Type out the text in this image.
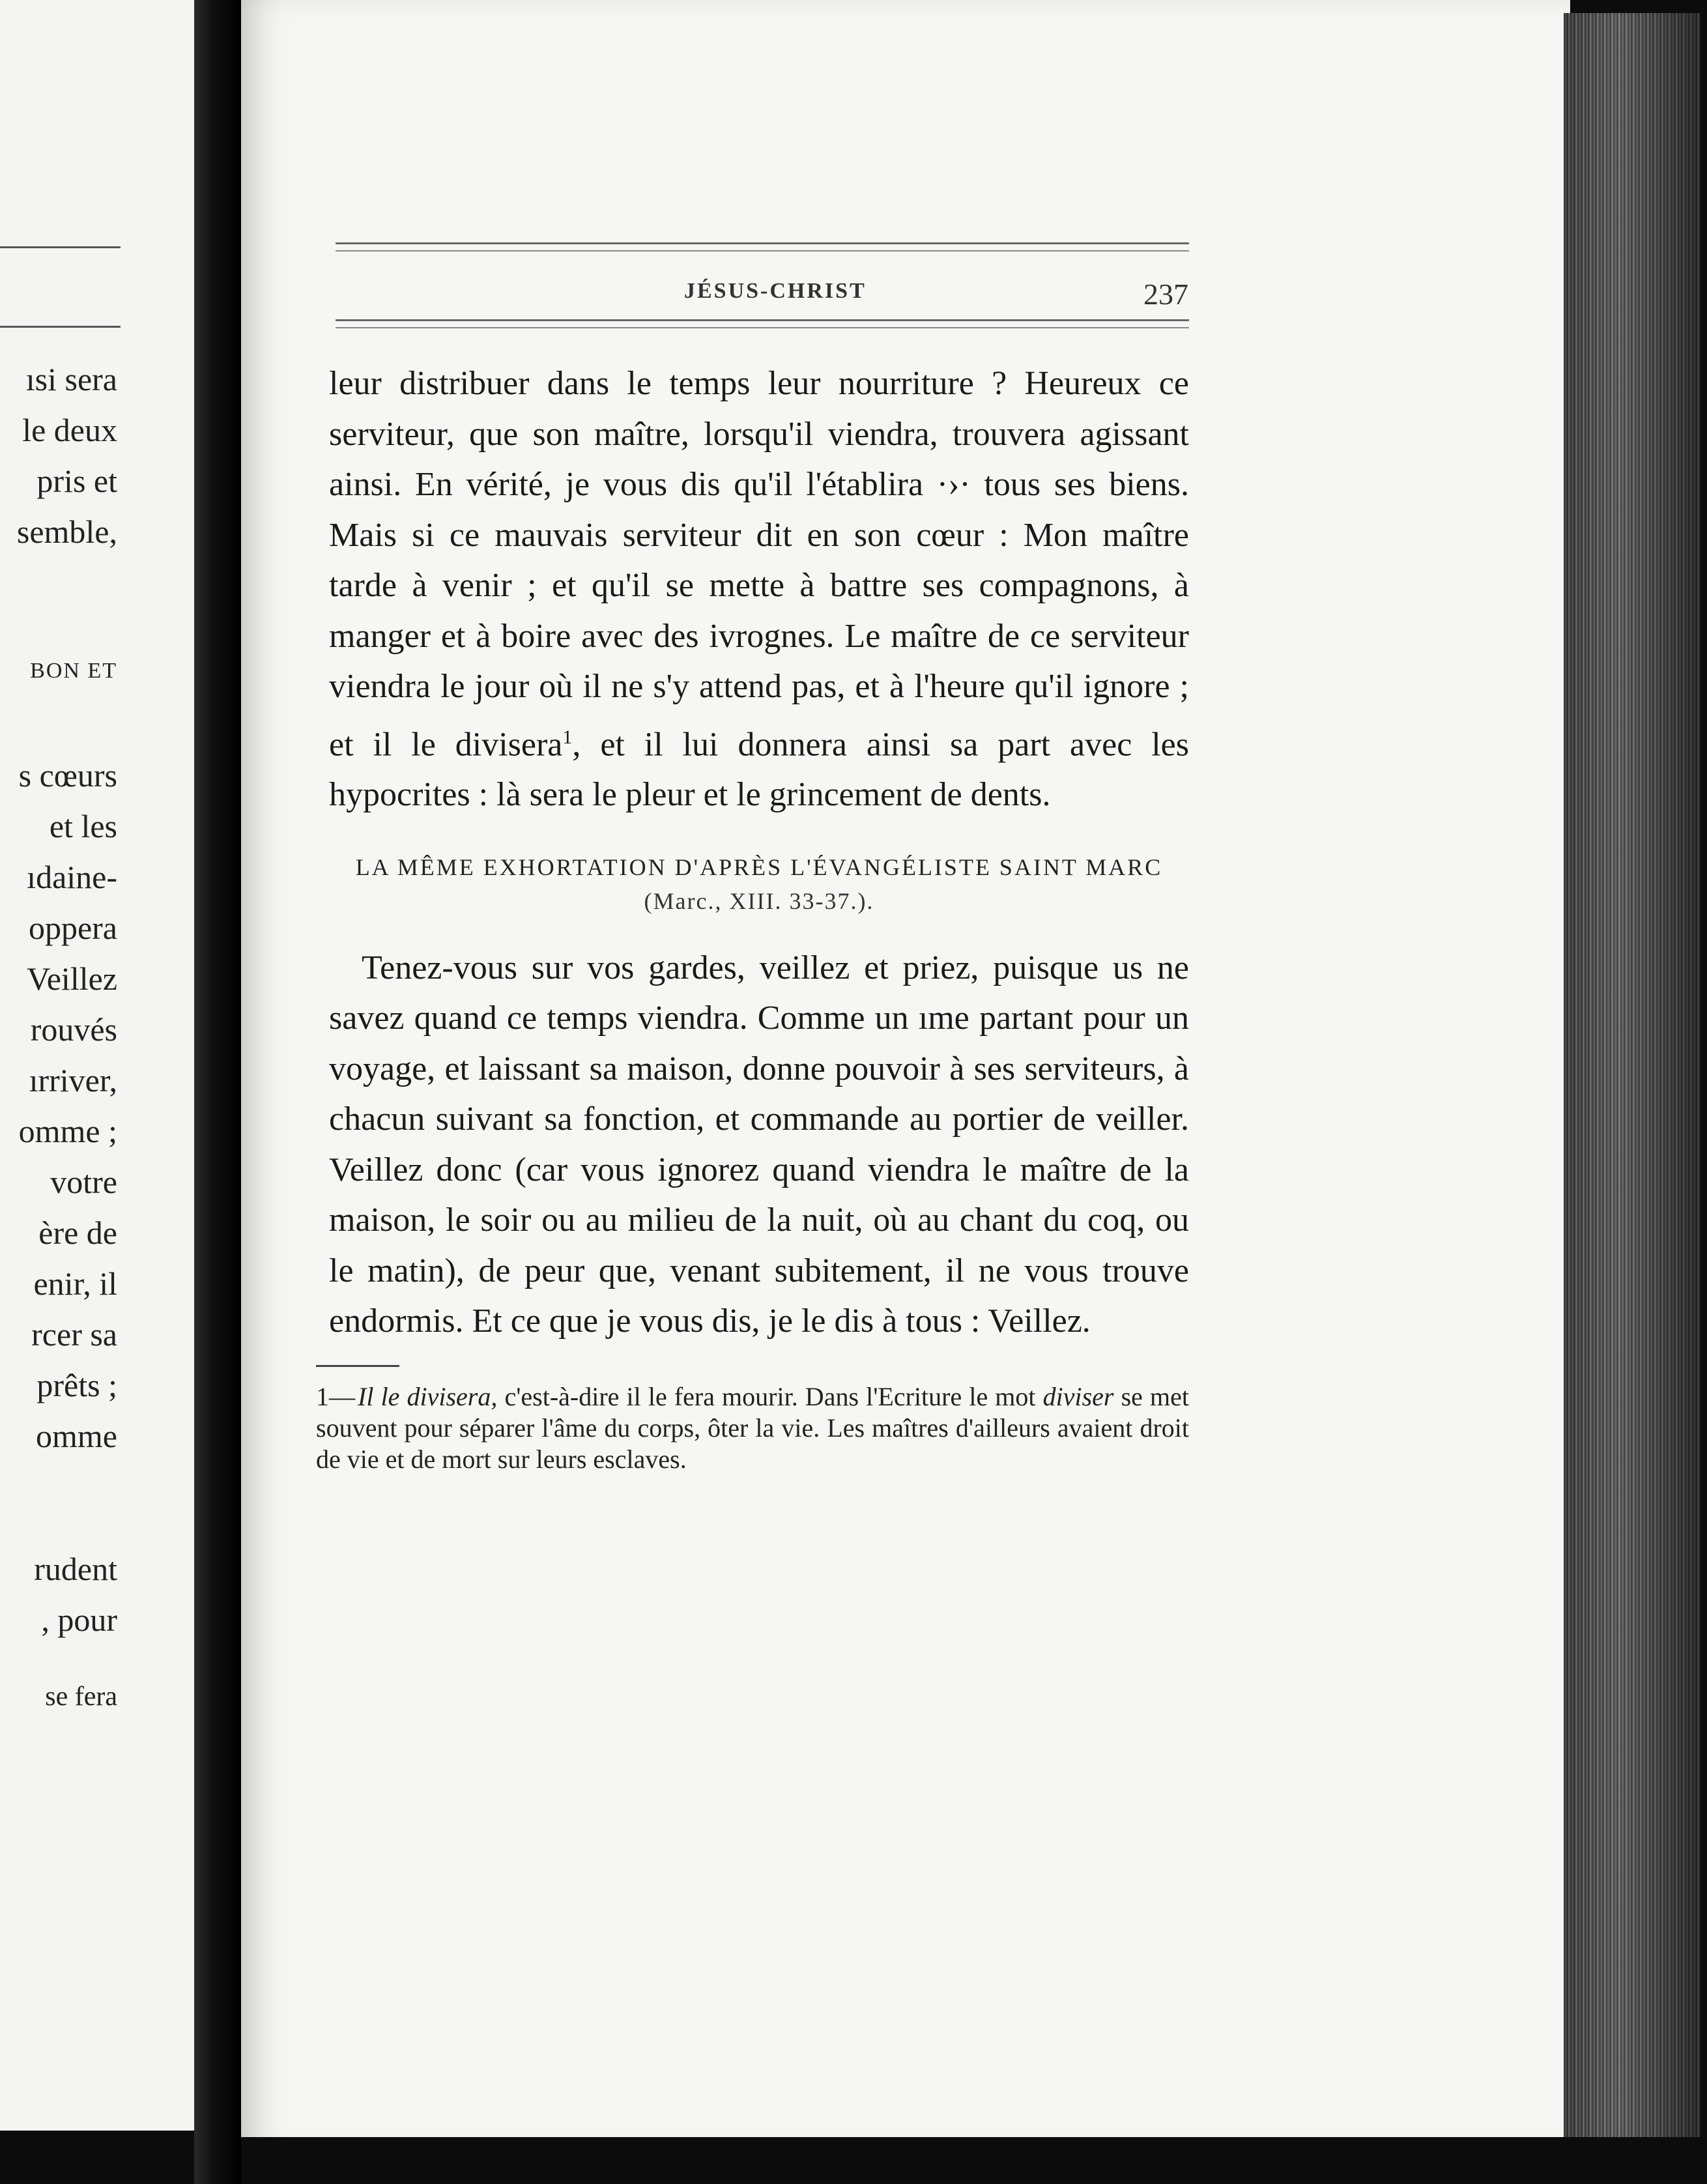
ısi sera
le deux
pris et
semble,
BON ET
s cœurs
et les
ıdaine-
oppera
Veillez
rouvés
ırriver,
omme ;
votre
ère de
enir, il
rcer sa
prêts ;
omme
rudent
, pour
se fera
JÉSUS-CHRIST	237

leur distribuer dans le temps leur nourriture ? Heureux ce serviteur, que son maître, lorsqu'il viendra, trouvera agissant ainsi. En vérité, je vous dis qu'il l'établira ·›· tous ses biens. Mais si ce mauvais serviteur dit en son cœur : Mon maître tarde à venir ; et qu'il se mette à battre ses compagnons, à manger et à boire avec des ivrognes. Le maître de ce serviteur viendra le jour où il ne s'y attend pas, et à l'heure qu'il ignore ; et il le divisera$^1$, et il lui donnera ainsi sa part avec les hypocrites : là sera le pleur et le grincement de dents.

LA MÊME EXHORTATION D'APRÈS L'ÉVANGÉLISTE SAINT MARC
(Marc., XIII. 33-37.).

Tenez-vous sur vos gardes, veillez et priez, puisque us ne savez quand ce temps viendra. Comme un ıme partant pour un voyage, et laissant sa maison, donne pouvoir à ses serviteurs, à chacun suivant sa fonction, et commande au portier de veiller. Veillez donc (car vous ignorez quand viendra le maître de la maison, le soir ou au milieu de la nuit, où au chant du coq, ou le matin), de peur que, venant subitement, il ne vous trouve endormis. Et ce que je vous dis, je le dis à tous : Veillez.

1— Il le divisera, c'est-à-dire il le fera mourir. Dans l'Ecriture le mot diviser se met souvent pour séparer l'âme du corps, ôter la vie. Les maîtres d'ailleurs avaient droit de vie et de mort sur leurs esclaves.
